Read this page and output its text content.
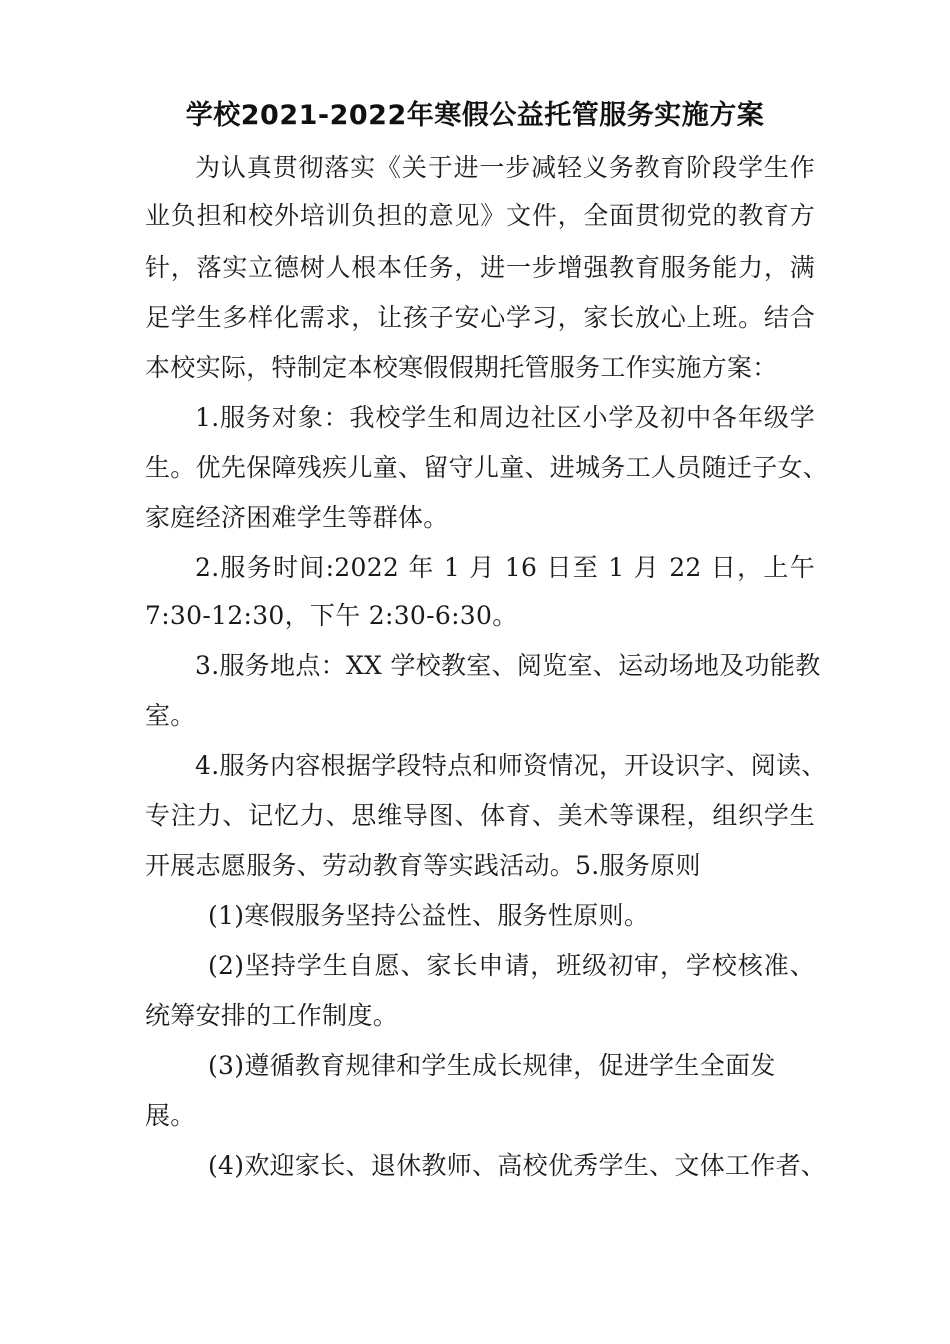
学校2021-2022年寒假公益托管服务实施方案
为认真贯彻落实《关于进一步减轻义务教育阶段学生作
业负担和校外培训负担的意见》文件，全面贯彻党的教育方
针，落实立德树人根本任务，进一步增强教育服务能力，满
足学生多样化需求，让孩子安心学习，家长放心上班。结合
本校实际，特制定本校寒假假期托管服务工作实施方案：
1.服务对象：我校学生和周边社区小学及初中各年级学
生。优先保障残疾儿童、留守儿童、进城务工人员随迁子女、
家庭经济困难学生等群体。
2.服务时间:2022 年 1 月 16 日至 1 月 22 日，上午
7:30-12:30，下午 2:30-6:30。
3.服务地点：XX 学校教室、阅览室、运动场地及功能教
室。
4.服务内容根据学段特点和师资情况，开设识字、阅读、
专注力、记忆力、思维导图、体育、美术等课程，组织学生
开展志愿服务、劳动教育等实践活动。5.服务原则
(1)寒假服务坚持公益性、服务性原则。
(2)坚持学生自愿、家长申请，班级初审，学校核准、
统筹安排的工作制度。
(3)遵循教育规律和学生成长规律，促进学生全面发
展。
(4)欢迎家长、退休教师、高校优秀学生、文体工作者、
